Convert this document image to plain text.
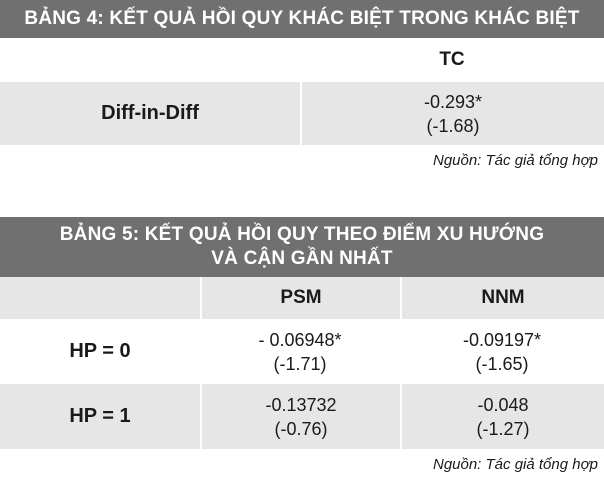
BẢNG 4: KẾT QUẢ HỒI QUY KHÁC BIỆT TRONG KHÁC BIỆT
TC
Diff-in-Diff
-0.293*
(-1.68)
Nguồn: Tác giả tổng hợp
BẢNG 5: KẾT QUẢ HỒI QUY THEO ĐIỂM XU HƯỚNG
VÀ CẬN GẦN NHẤT
PSM	NNM
HP = 0
- 0.06948*
(-1.71)
-0.09197*
(-1.65)
HP = 1
-0.13732
(-0.76)
-0.048
(-1.27)
Nguồn: Tác giả tổng hợp
